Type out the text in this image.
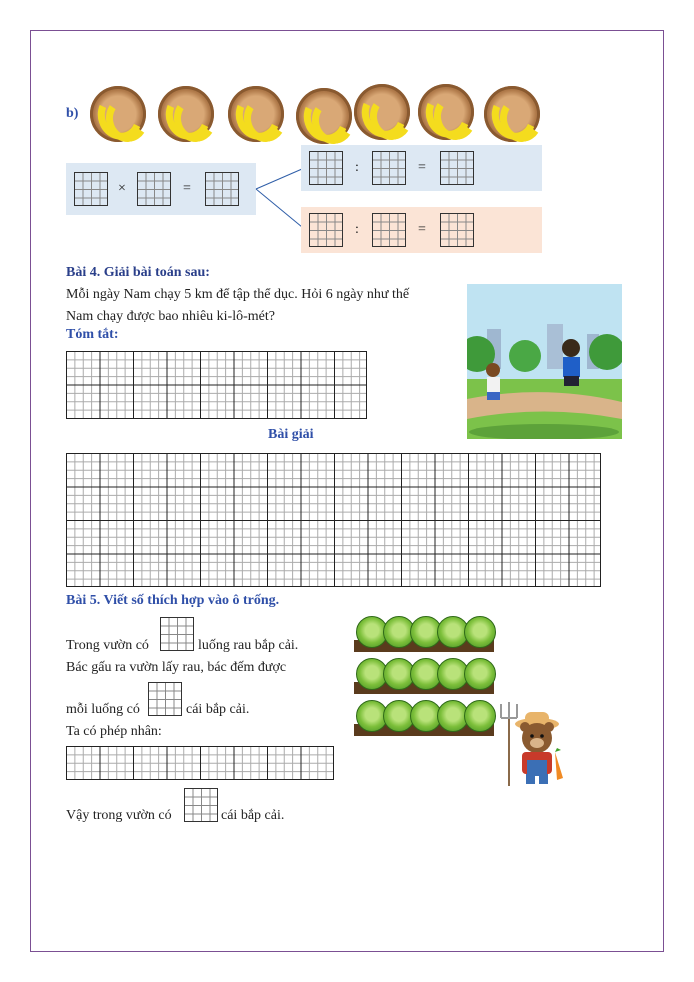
b)
×	=
:	=
:	=
Bài 4. Giải bài toán sau:
Mỗi ngày Nam chạy 5 km để tập thể dục. Hỏi 6 ngày như thế
Nam chạy được bao nhiêu ki-lô-mét?
Tóm tắt:
Bài giải
Bài 5. Viết số thích hợp vào ô trống.
Trong vườn có	luống rau bắp cải.
Bác gấu ra vườn lấy rau, bác đếm được
mỗi luống có	cái bắp cải.
Ta có phép nhân:
Vậy trong vườn có	cái bắp cải.
